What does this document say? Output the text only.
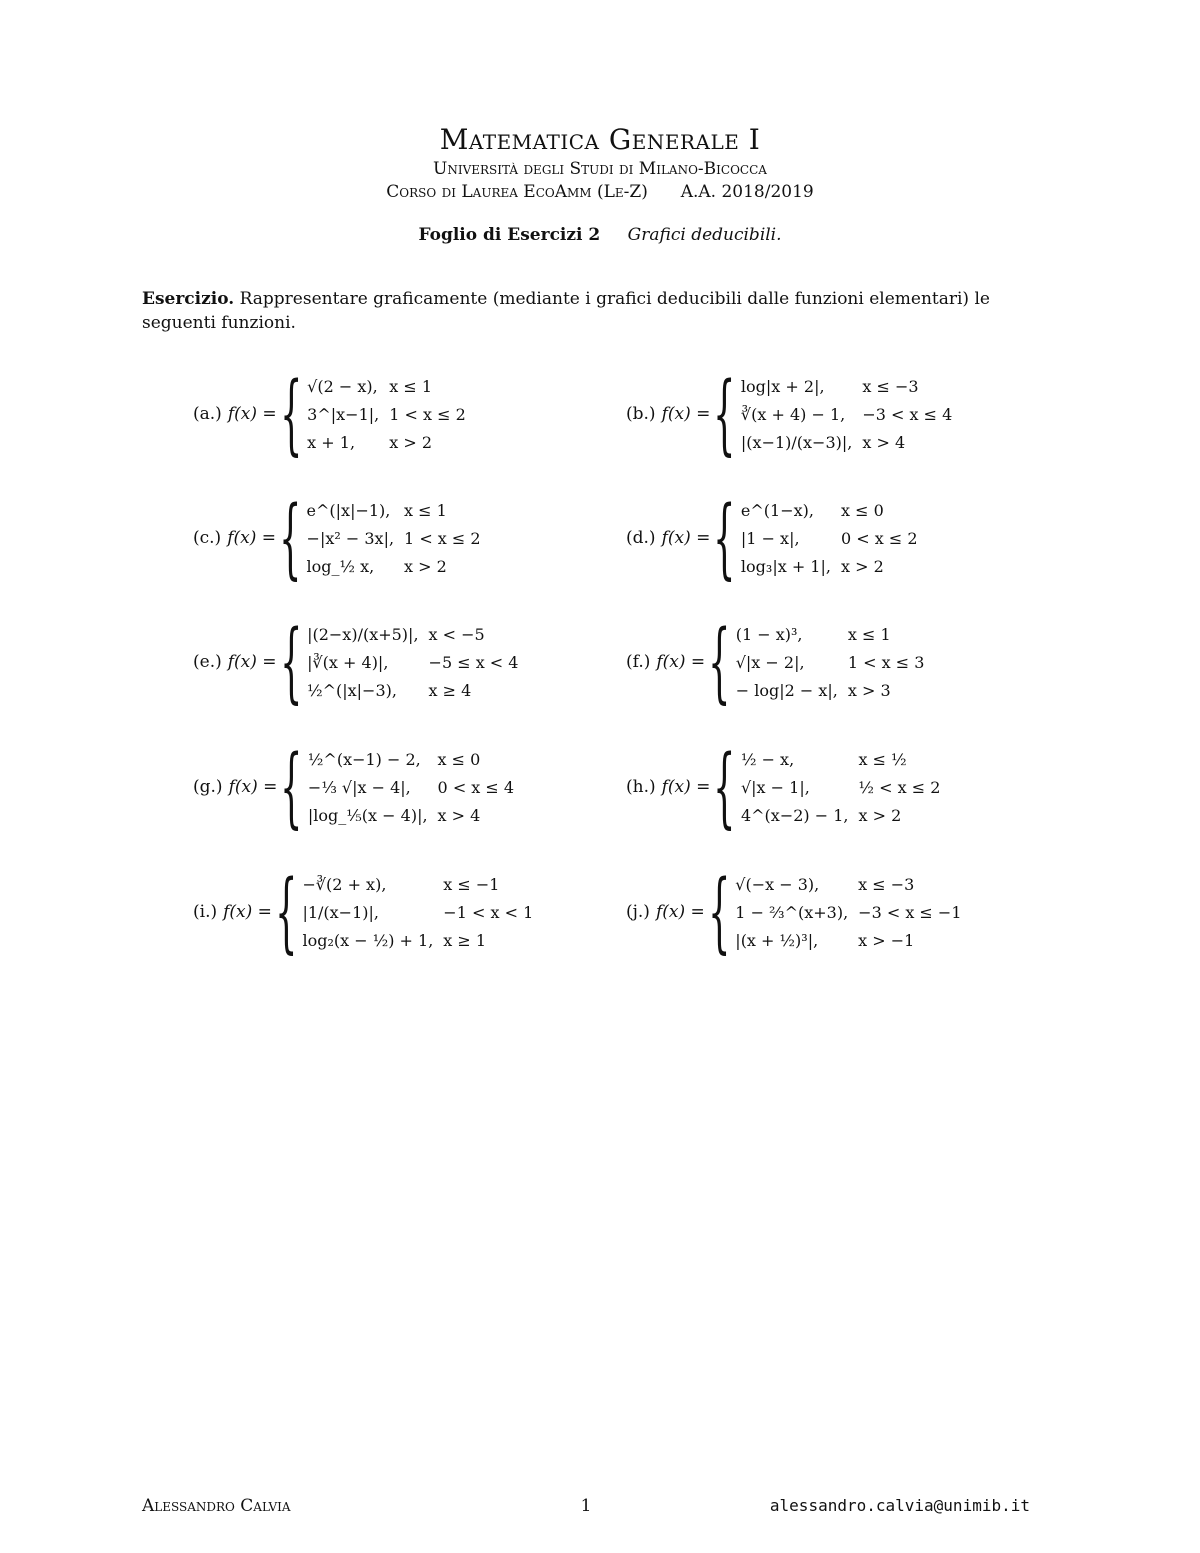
Matematica Generale I
Università degli Studi di Milano-Bicocca
Corso di Laurea EcoAmm (Le-Z) A.A. 2018/2019
Foglio di Esercizi 2 Grafici deducibili.
Esercizio. Rappresentare graficamente (mediante i grafici deducibili dalle funzioni elementari) le seguenti funzioni.
(a.) f(x) = { √(2 − x),	x ≤ 1
3^|x−1|,	1 < x ≤ 2
x + 1,	x > 2
(b.) f(x) = { log|x + 2|,	x ≤ −3
∛(x + 4) − 1,	−3 < x ≤ 4
|(x−1)/(x−3)|,	x > 4
(c.) f(x) = { e^(|x|−1),	x ≤ 1
−|x² − 3x|,	1 < x ≤ 2
log_½ x,	x > 2
(d.) f(x) = { e^(1−x),	x ≤ 0
|1 − x|,	0 < x ≤ 2
log₃|x + 1|,	x > 2
(e.) f(x) = { |(2−x)/(x+5)|,	x < −5
|∛(x + 4)|,	−5 ≤ x < 4
½^(|x|−3),	x ≥ 4
(f.) f(x) = { (1 − x)³,	x ≤ 1
√|x − 2|,	1 < x ≤ 3
− log|2 − x|,	x > 3
(g.) f(x) = { ½^(x−1) − 2,	x ≤ 0
−⅓ √|x − 4|,	0 < x ≤ 4
|log_⅕(x − 4)|,	x > 4
(h.) f(x) = { ½ − x,	x ≤ ½
√|x − 1|,	½ < x ≤ 2
4^(x−2) − 1,	x > 2
(i.) f(x) = { −∛(2 + x),	x ≤ −1
|1/(x−1)|,	−1 < x < 1
log₂(x − ½) + 1,	x ≥ 1
(j.) f(x) = { √(−x − 3),	x ≤ −3
1 − ⅔^(x+3),	−3 < x ≤ −1
|(x + ½)³|,	x > −1
Alessandro Calvia	1	alessandro.calvia@unimib.it
